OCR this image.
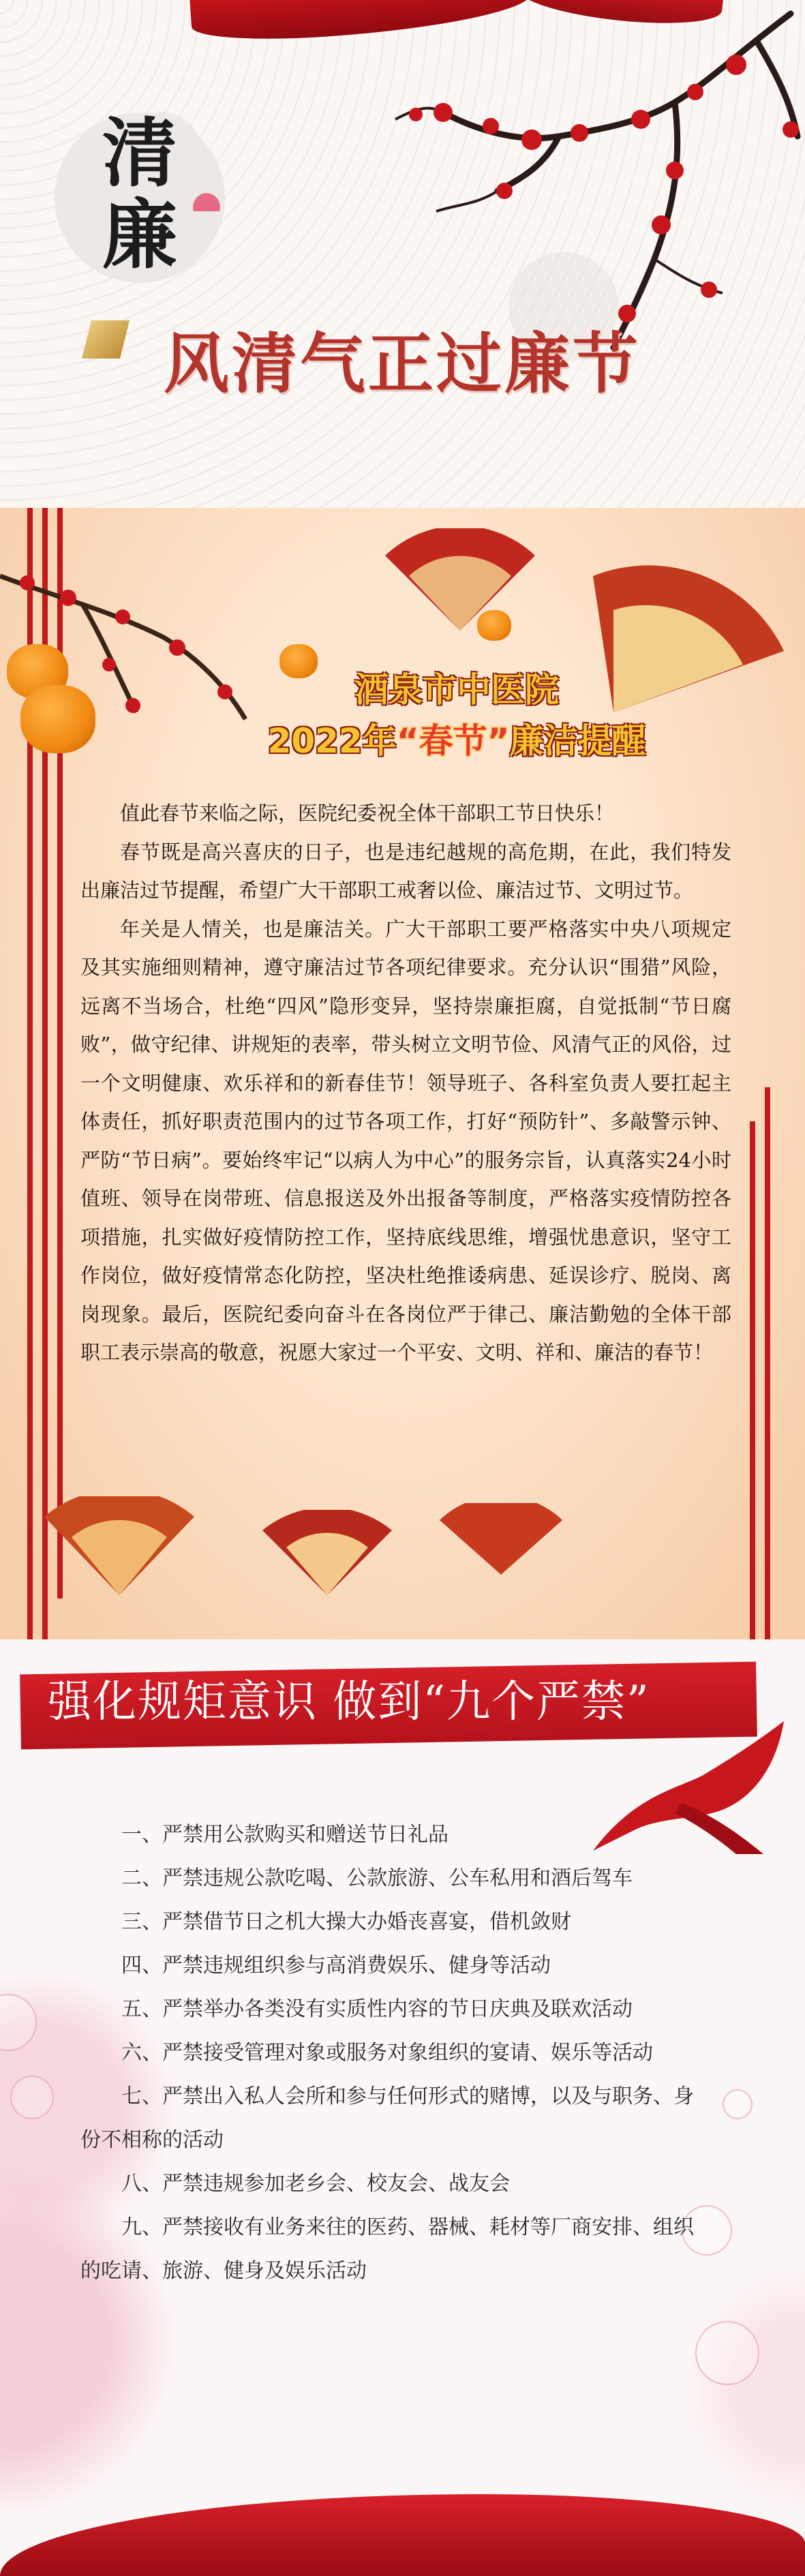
清
廉
风清气正过廉节
酒泉市中医院
2022年“春节”廉洁提醒

值此春节来临之际，医院纪委祝全体干部职工节日快乐！

春节既是高兴喜庆的日子，也是违纪越规的高危期，在此，我们特发出廉洁过节提醒，希望广大干部职工戒奢以俭、廉洁过节、文明过节。

年关是人情关，也是廉洁关。广大干部职工要严格落实中央八项规定及其实施细则精神，遵守廉洁过节各项纪律要求。充分认识“围猎”风险，远离不当场合，杜绝“四风”隐形变异，坚持崇廉拒腐，自觉抵制“节日腐败”，做守纪律、讲规矩的表率，带头树立文明节俭、风清气正的风俗，过一个文明健康、欢乐祥和的新春佳节！领导班子、各科室负责人要扛起主体责任，抓好职责范围内的过节各项工作，打好“预防针”、多敲警示钟、严防“节日病”。要始终牢记“以病人为中心”的服务宗旨，认真落实24小时值班、领导在岗带班、信息报送及外出报备等制度，严格落实疫情防控各项措施，扎实做好疫情防控工作，坚持底线思维，增强忧患意识，坚守工作岗位，做好疫情常态化防控，坚决杜绝推诿病患、延误诊疗、脱岗、离岗现象。最后，医院纪委向奋斗在各岗位严于律己、廉洁勤勉的全体干部职工表示崇高的敬意，祝愿大家过一个平安、文明、祥和、廉洁的春节！

强化规矩意识 做到“九个严禁”

一、严禁用公款购买和赠送节日礼品

二、严禁违规公款吃喝、公款旅游、公车私用和酒后驾车

三、严禁借节日之机大操大办婚丧喜宴，借机敛财

四、严禁违规组织参与高消费娱乐、健身等活动

五、严禁举办各类没有实质性内容的节日庆典及联欢活动

六、严禁接受管理对象或服务对象组织的宴请、娱乐等活动

七、严禁出入私人会所和参与任何形式的赌博，以及与职务、身份不相称的活动

八、严禁违规参加老乡会、校友会、战友会

九、严禁接收有业务来往的医药、器械、耗材等厂商安排、组织的吃请、旅游、健身及娱乐活动
